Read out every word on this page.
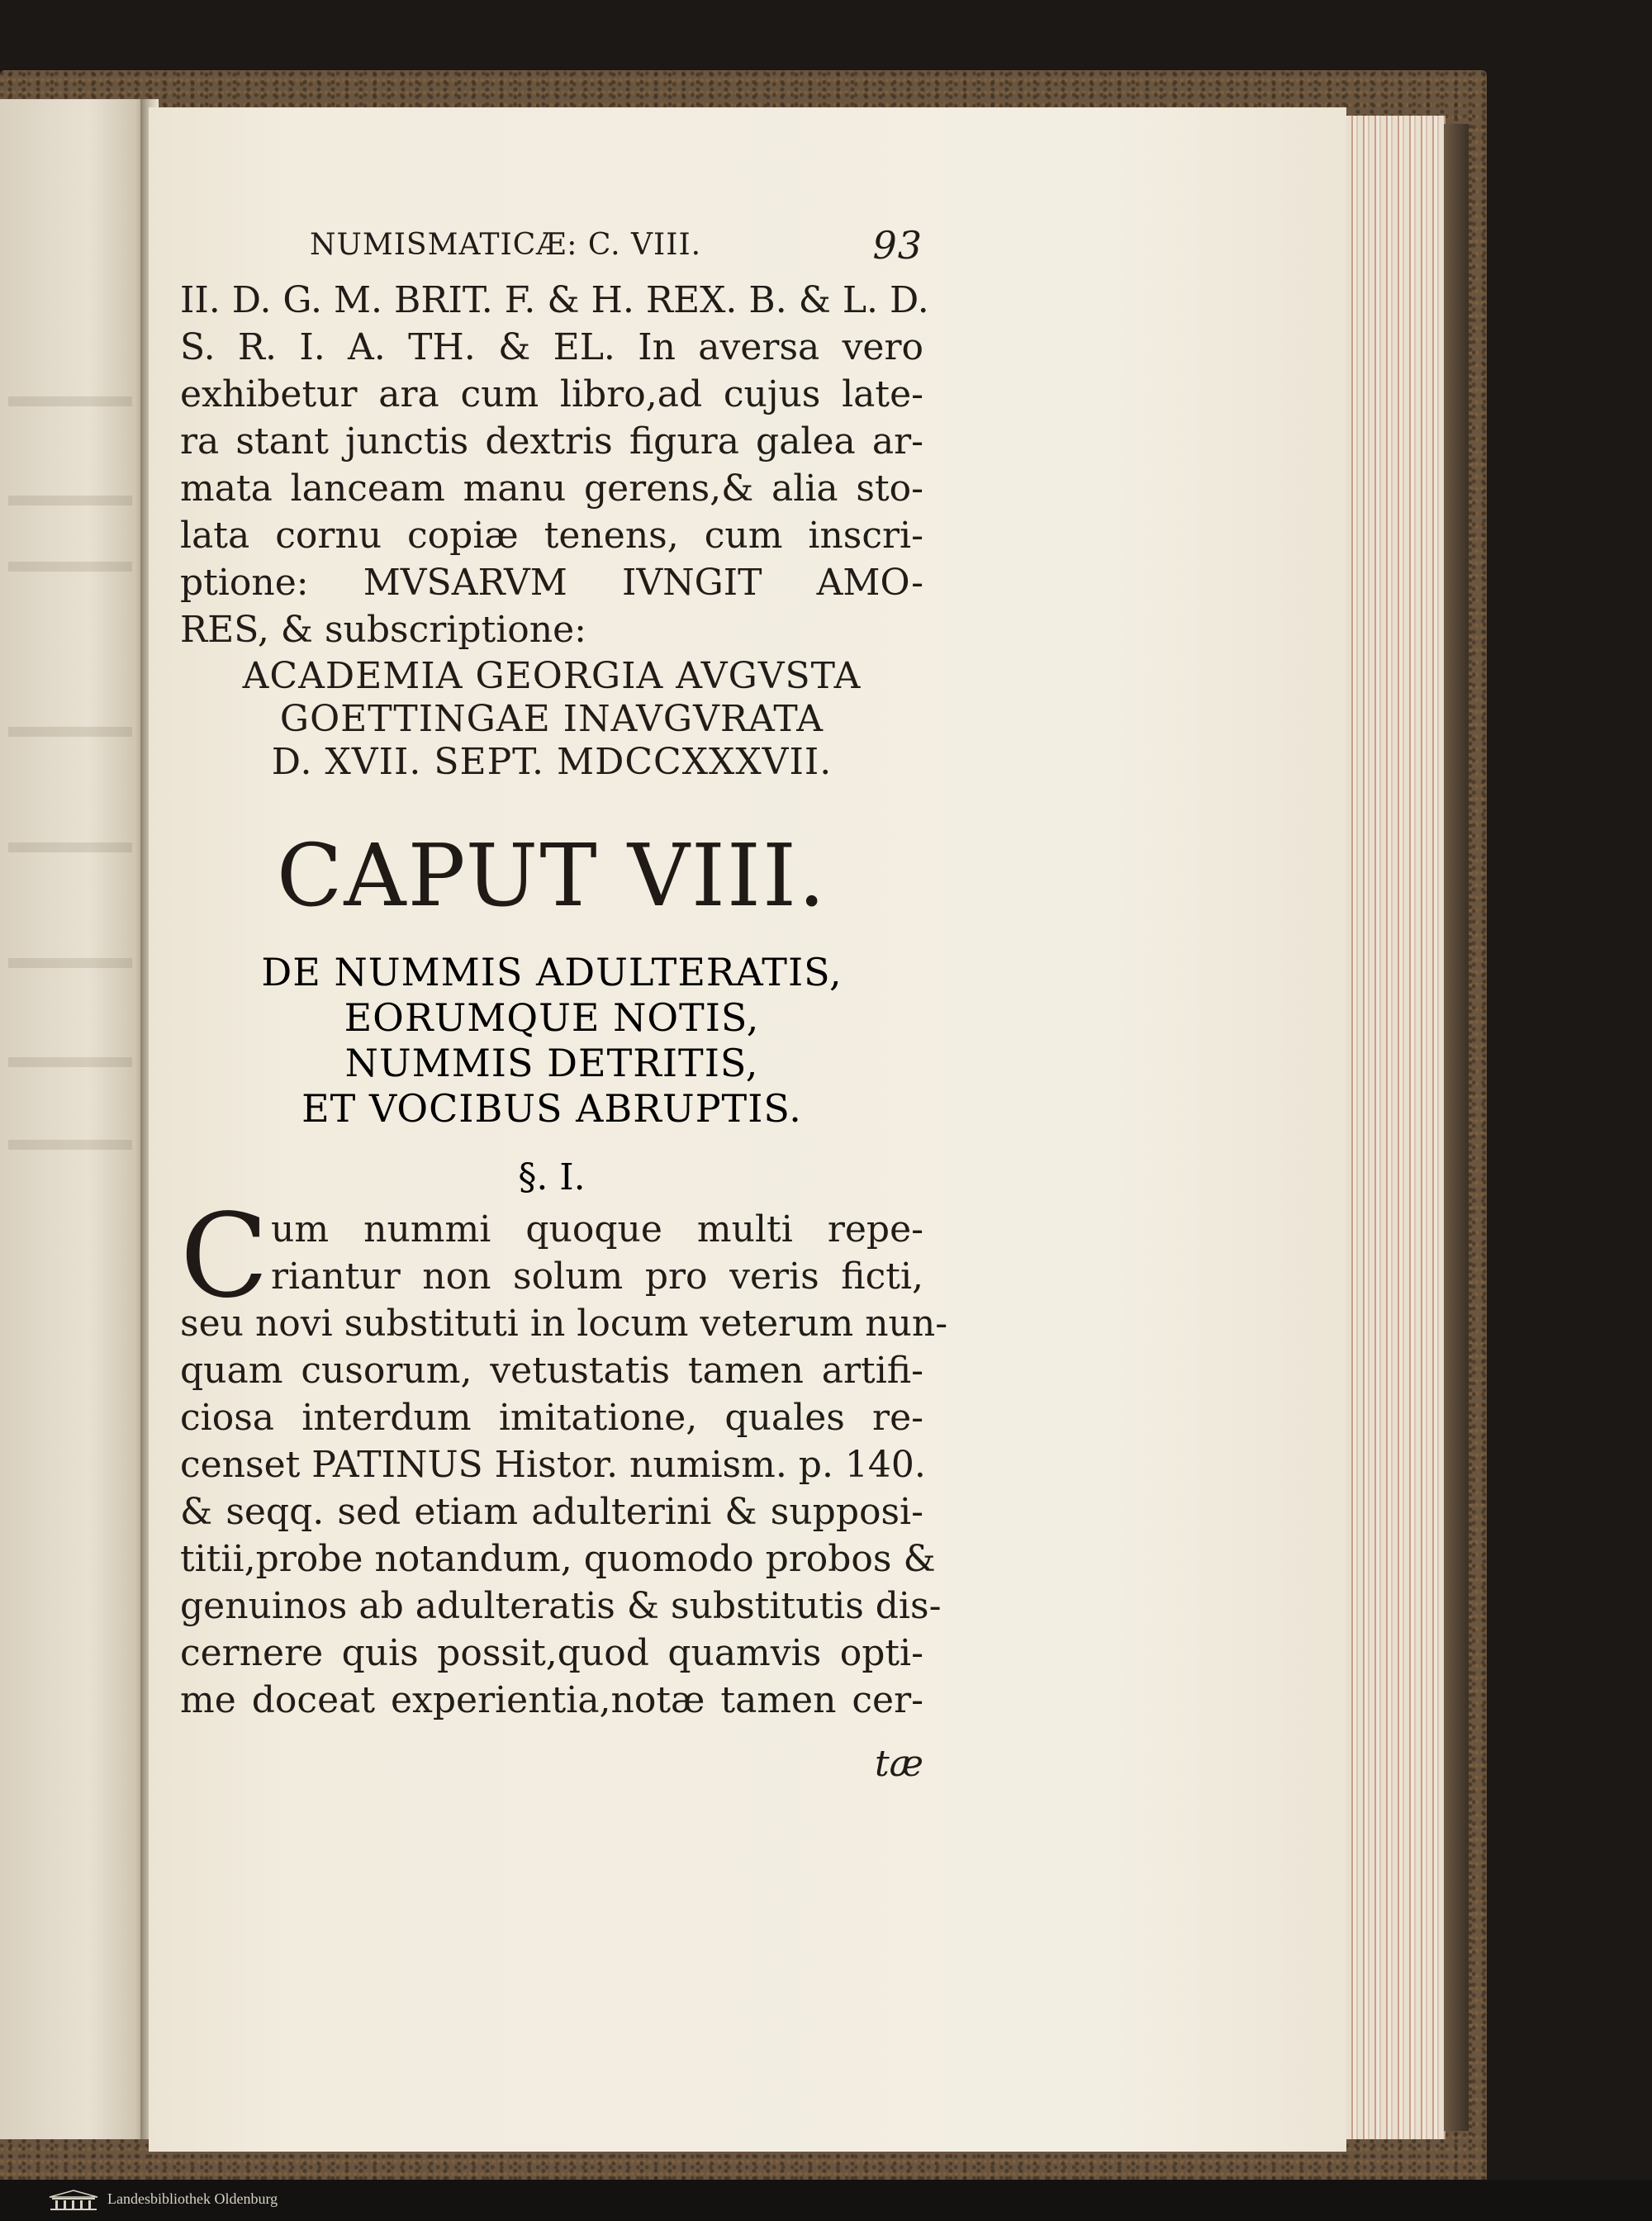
NUMISMATICÆ: C. VIII.	93
II. D. G. M. BRIT. F. & H. REX. B. & L. D.
S. R. I. A. TH. & EL. In aversa vero
exhibetur ara cum libro,ad cujus late-
ra stant junctis dextris figura galea ar-
mata lanceam manu gerens,& alia sto-
lata cornu copiæ tenens, cum inscri-
ptione: MVSARVM IVNGIT AMO-
RES, & subscriptione:
ACADEMIA GEORGIA AVGVSTA
GOETTINGAE INAVGVRATA
D. XVII. SEPT. MDCCXXXVII.
CAPUT VIII.
DE NUMMIS ADULTERATIS,
EORUMQUE NOTIS,
NUMMIS DETRITIS,
ET VOCIBUS ABRUPTIS.
§. I.
C um nummi quoque multi repe-
riantur non solum pro veris ficti,
seu novi substituti in locum veterum nun-
quam cusorum, vetustatis tamen artifi-
ciosa interdum imitatione, quales re-
censet PATINUS Histor. numism. p. 140.
& seqq. sed etiam adulterini & supposi-
titii,probe notandum, quomodo probos &
genuinos ab adulteratis & substitutis dis-
cernere quis possit,quod quamvis opti-
me doceat experientia,notæ tamen cer-
tæ
Landesbibliothek Oldenburg
